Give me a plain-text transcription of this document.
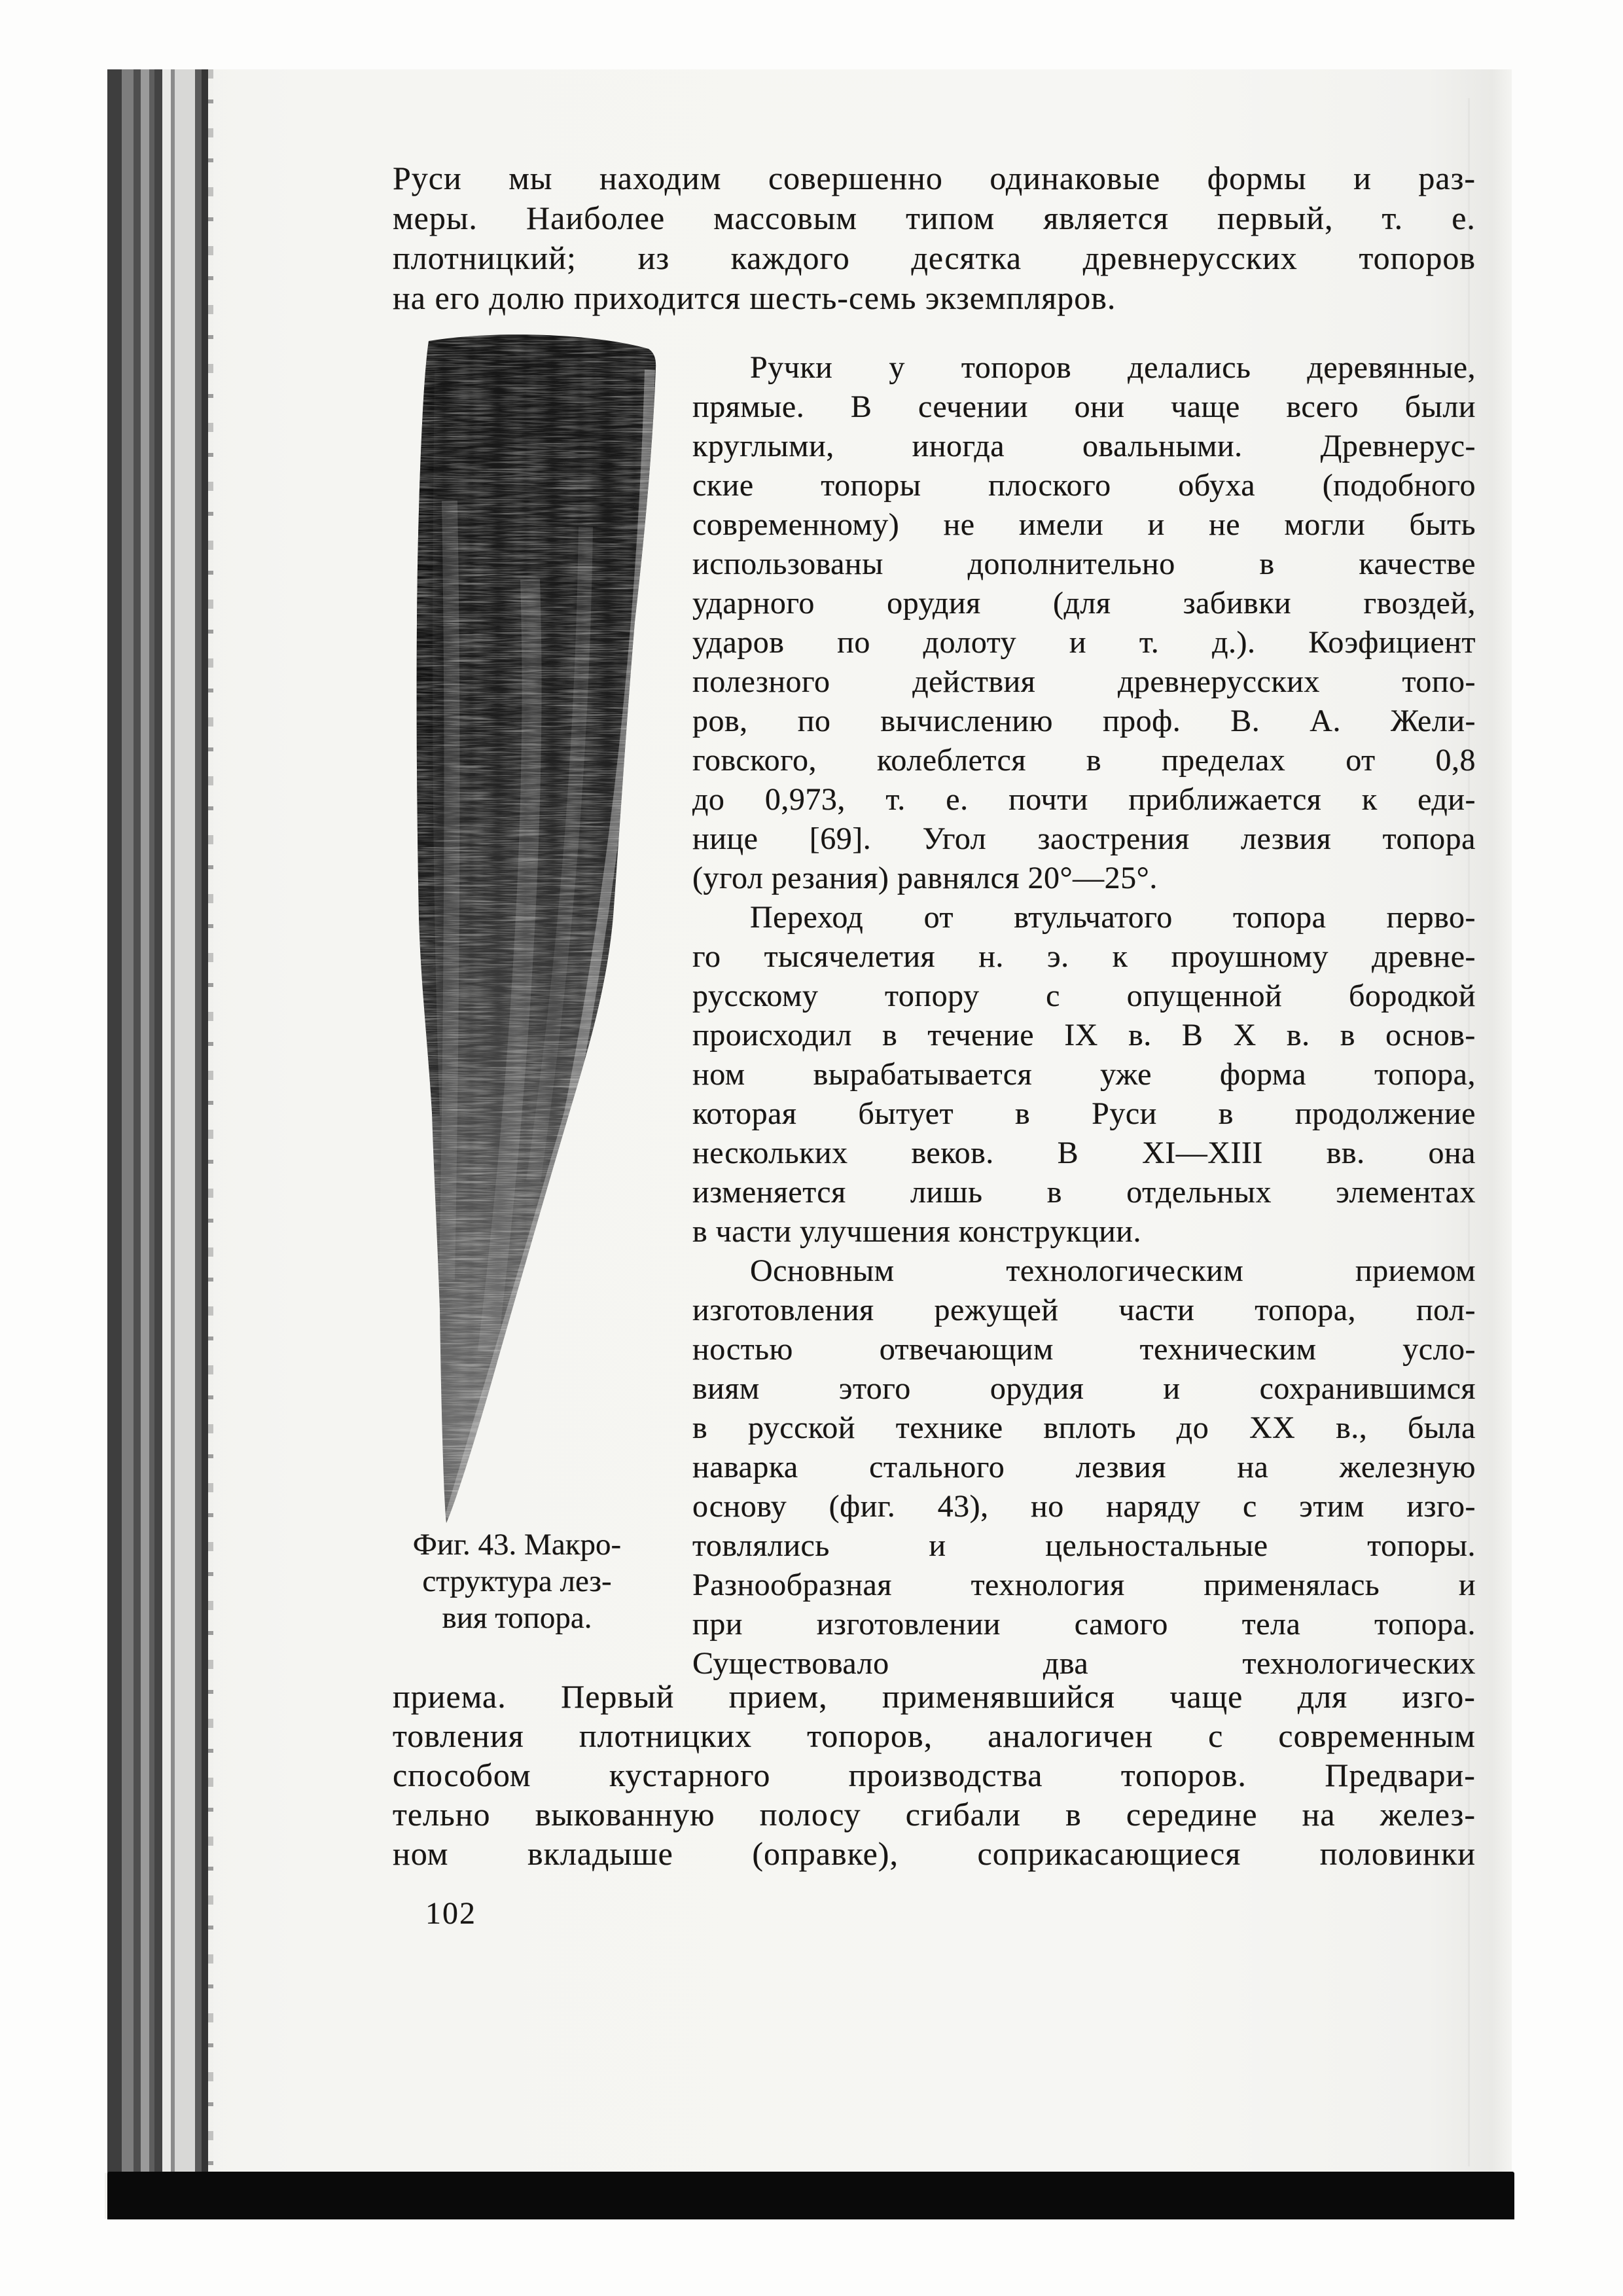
Руси мы находим совершенно одинаковые формы и раз-
меры. Наиболее массовым типом является первый, т. е.
плотницкий; из каждого десятка древнерусских топоров
на его долю приходится шесть-семь экземпляров.
Ручки у топоров делались деревянные,
прямые. В сечении они чаще всего были
круглыми, иногда овальными. Древнерус-
ские топоры плоского обуха (подобного
современному) не имели и не могли быть
использованы	дополнительно	в	качестве
ударного орудия (для забивки гвоздей,
ударов по долоту и т. д.). Коэфициент
полезного	действия	древнерусских	топо-
ров, по вычислению проф. В. А. Жели-
говского, колеблется в пределах от 0,8
до 0,973, т. е. почти приближается к еди-
нице [69]. Угол заострения лезвия топора
(угол резания) равнялся 20°—25°.
Переход от втульчатого топора перво-
го тысячелетия н. э. к проушному древне-
русскому топору с опущенной бородкой
происходил в течение IX в. В X в. в основ-
ном вырабатывается уже форма топора,
которая бытует в Руси в продолжение
нескольких веков. В XI—XIII вв. она
изменяется лишь в отдельных элементах
в части улучшения конструкции.
Основным	технологическим	приемом
изготовления режущей части топора, пол-
ностью	отвечающим	техническим	усло-
виям	этого	орудия	и	сохранившимся
в русской технике вплоть до XX в., была
наварка стального лезвия на железную
основу (фиг. 43), но наряду с этим изго-
товлялись	и	цельностальные	топоры.
Разнообразная	технология	применялась	и
при изготовлении самого тела топора.
Существовало	два	технологических
Фиг. 43. Макро-
структура лез-
вия топора.
приема. Первый прием, применявшийся чаще для изго-
товления плотницких топоров, аналогичен с современным
способом кустарного производства топоров. Предвари-
тельно выкованную полосу сгибали в середине на желез-
ном вкладыше (оправке), соприкасающиеся половинки
102
